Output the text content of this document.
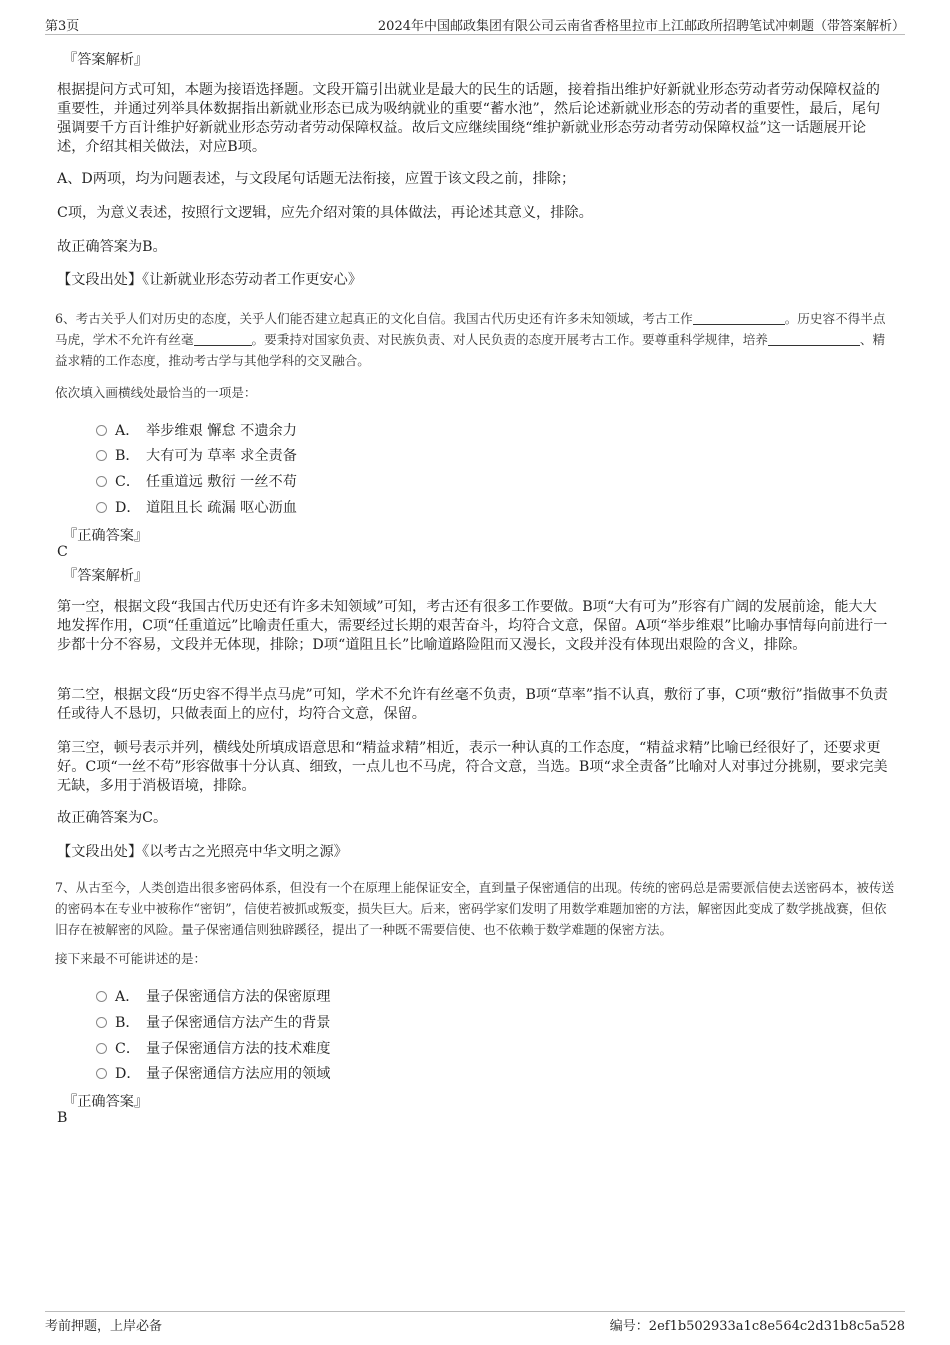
第3页	2024年中国邮政集团有限公司云南省香格里拉市上江邮政所招聘笔试冲刺题（带答案解析）
『答案解析』
根据提问方式可知，本题为接语选择题。文段开篇引出就业是最大的民生的话题，接着指出维护好新就业形态劳动者劳动保障权益的重要性，并通过列举具体数据指出新就业形态已成为吸纳就业的重要“蓄水池”，然后论述新就业形态的劳动者的重要性，最后，尾句强调要千方百计维护好新就业形态劳动者劳动保障权益。故后文应继续围绕“维护新就业形态劳动者劳动保障权益”这一话题展开论述，介绍其相关做法，对应B项。
A、D两项，均为问题表述，与文段尾句话题无法衔接，应置于该文段之前，排除；
C项，为意义表述，按照行文逻辑，应先介绍对策的具体做法，再论述其意义，排除。
故正确答案为B。
【文段出处】《让新就业形态劳动者工作更安心》
6、考古关乎人们对历史的态度，关乎人们能否建立起真正的文化自信。我国古代历史还有许多未知领域，考古工作	。历史容不得半点马虎，学术不允许有丝毫	。要秉持对国家负责、对民族负责、对人民负责的态度开展考古工作。要尊重科学规律，培养	、精益求精的工作态度，推动考古学与其他学科的交叉融合。
依次填入画横线处最恰当的一项是：
A． 举步维艰 懈怠 不遗余力
B． 大有可为 草率 求全责备
C． 任重道远 敷衍 一丝不苟
D． 道阻且长 疏漏 呕心沥血
『正确答案』
C
『答案解析』
第一空，根据文段“我国古代历史还有许多未知领域”可知，考古还有很多工作要做。B项“大有可为”形容有广阔的发展前途，能大大地发挥作用，C项“任重道远”比喻责任重大，需要经过长期的艰苦奋斗，均符合文意，保留。A项“举步维艰”比喻办事情每向前进行一步都十分不容易，文段并无体现，排除；D项“道阻且长”比喻道路险阻而又漫长，文段并没有体现出艰险的含义，排除。
第二空，根据文段“历史容不得半点马虎”可知，学术不允许有丝毫不负责，B项“草率”指不认真，敷衍了事，C项“敷衍”指做事不负责任或待人不恳切，只做表面上的应付，均符合文意，保留。
第三空，顿号表示并列，横线处所填成语意思和“精益求精”相近，表示一种认真的工作态度，“精益求精”比喻已经很好了，还要求更好。C项“一丝不苟”形容做事十分认真、细致，一点儿也不马虎，符合文意，当选。B项“求全责备”比喻对人对事过分挑剔，要求完美无缺，多用于消极语境，排除。
故正确答案为C。
【文段出处】《以考古之光照亮中华文明之源》
7、从古至今，人类创造出很多密码体系，但没有一个在原理上能保证安全，直到量子保密通信的出现。传统的密码总是需要派信使去送密码本，被传送的密码本在专业中被称作“密钥”，信使若被抓或叛变，损失巨大。后来，密码学家们发明了用数学难题加密的方法，解密因此变成了数学挑战赛，但依旧存在被解密的风险。量子保密通信则独辟蹊径，提出了一种既不需要信使、也不依赖于数学难题的保密方法。
接下来最不可能讲述的是：
A． 量子保密通信方法的保密原理
B． 量子保密通信方法产生的背景
C． 量子保密通信方法的技术难度
D． 量子保密通信方法应用的领域
『正确答案』
B
考前押题，上岸必备	编号：2ef1b502933a1c8e564c2d31b8c5a528
